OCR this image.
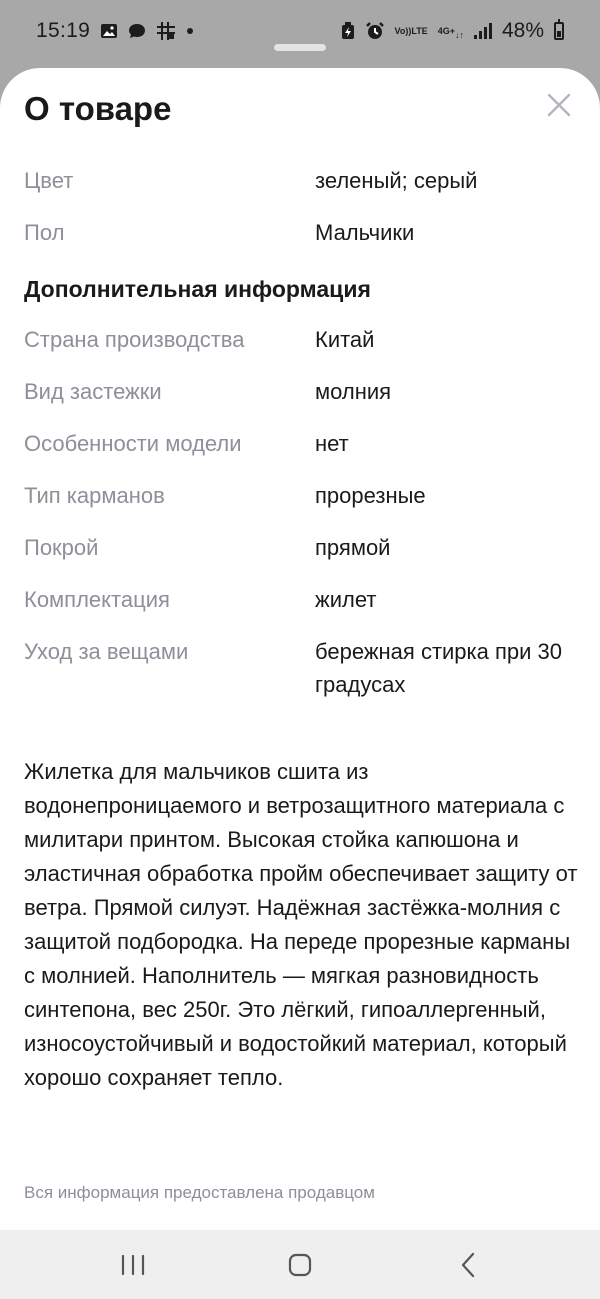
15:19	Vo)) LTE 4G+ ↓↑ 48%
О товаре
Цвет	зеленый; серый
Пол	Мальчики
Дополнительная информация
Страна производства	Китай
Вид застежки	молния
Особенности модели	нет
Тип карманов	прорезные
Покрой	прямой
Комплектация	жилет
Уход за вещами	бережная стирка при 30 градусах

Жилетка для мальчиков сшита из водонепроницаемого и ветрозащитного материала с милитари принтом. Высокая стойка капюшона и эластичная обработка пройм обеспечивает защиту от ветра. Прямой силуэт. Надёжная застёжка-молния с защитой подбородка. На переде прорезные карманы с молнией. Наполнитель — мягкая разновидность синтепона, вес 250г. Это лёгкий, гипоаллергенный, износоустойчивый и водостойкий материал, который хорошо сохраняет тепло.

Вся информация предоставлена продавцом
